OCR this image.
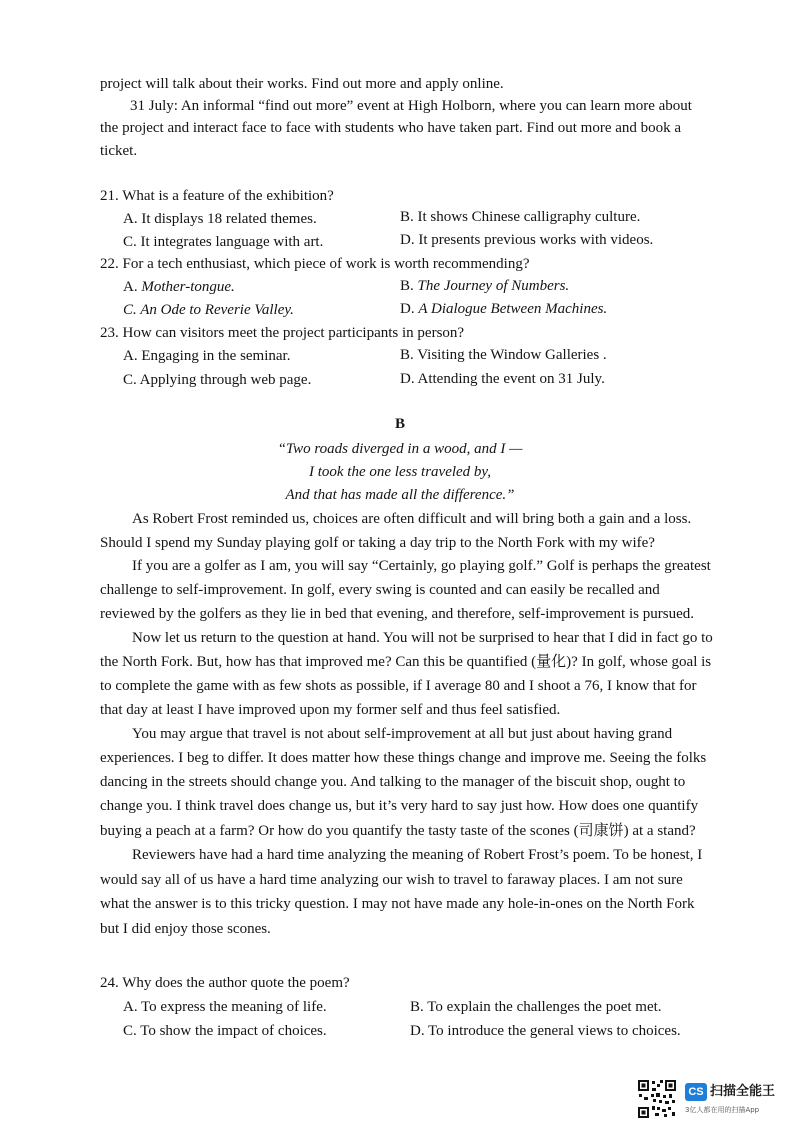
project will talk about their works. Find out more and apply online.
31 July: An informal “find out more” event at High Holborn, where you can learn more about
the project and interact face to face with students who have taken part. Find out more and book a
ticket.
21. What is a feature of the exhibition?
A. It displays 18 related themes.	B. It shows Chinese calligraphy culture.
C. It integrates language with art.	D. It presents previous works with videos.
22. For a tech enthusiast, which piece of work is worth recommending?
A. Mother-tongue.	B. The Journey of Numbers.
C. An Ode to Reverie Valley.	D. A Dialogue Between Machines.
23. How can visitors meet the project participants in person?
A. Engaging in the seminar.	B. Visiting the Window Galleries .
C. Applying through web page.	D. Attending the event on 31 July.
B
“Two roads diverged in a wood, and I —
I took the one less traveled by,
And that has made all the difference.”
As Robert Frost reminded us, choices are often difficult and will bring both a gain and a loss.
Should I spend my Sunday playing golf or taking a day trip to the North Fork with my wife?
If you are a golfer as I am, you will say “Certainly, go playing golf.” Golf is perhaps the greatest
challenge to self-improvement. In golf, every swing is counted and can easily be recalled and
reviewed by the golfers as they lie in bed that evening, and therefore, self-improvement is pursued.
Now let us return to the question at hand. You will not be surprised to hear that I did in fact go to
the North Fork. But, how has that improved me? Can this be quantified (量化)? In golf, whose goal is
to complete the game with as few shots as possible, if I average 80 and I shoot a 76, I know that for
that day at least I have improved upon my former self and thus feel satisfied.
You may argue that travel is not about self-improvement at all but just about having grand
experiences. I beg to differ. It does matter how these things change and improve me. Seeing the folks
dancing in the streets should change you. And talking to the manager of the biscuit shop, ought to
change you. I think travel does change us, but it’s very hard to say just how. How does one quantify
buying a peach at a farm? Or how do you quantify the tasty taste of the scones (司康饼) at a stand?
Reviewers have had a hard time analyzing the meaning of Robert Frost’s poem. To be honest, I
would say all of us have a hard time analyzing our wish to travel to faraway places. I am not sure
what the answer is to this tricky question. I may not have made any hole-in-ones on the North Fork
but I did enjoy those scones.
24. Why does the author quote the poem?
A. To express the meaning of life.	B. To explain the challenges the poet met.
C. To show the impact of choices.	D. To introduce the general views to choices.
CS 扫描全能王
3亿人都在用的扫描App
